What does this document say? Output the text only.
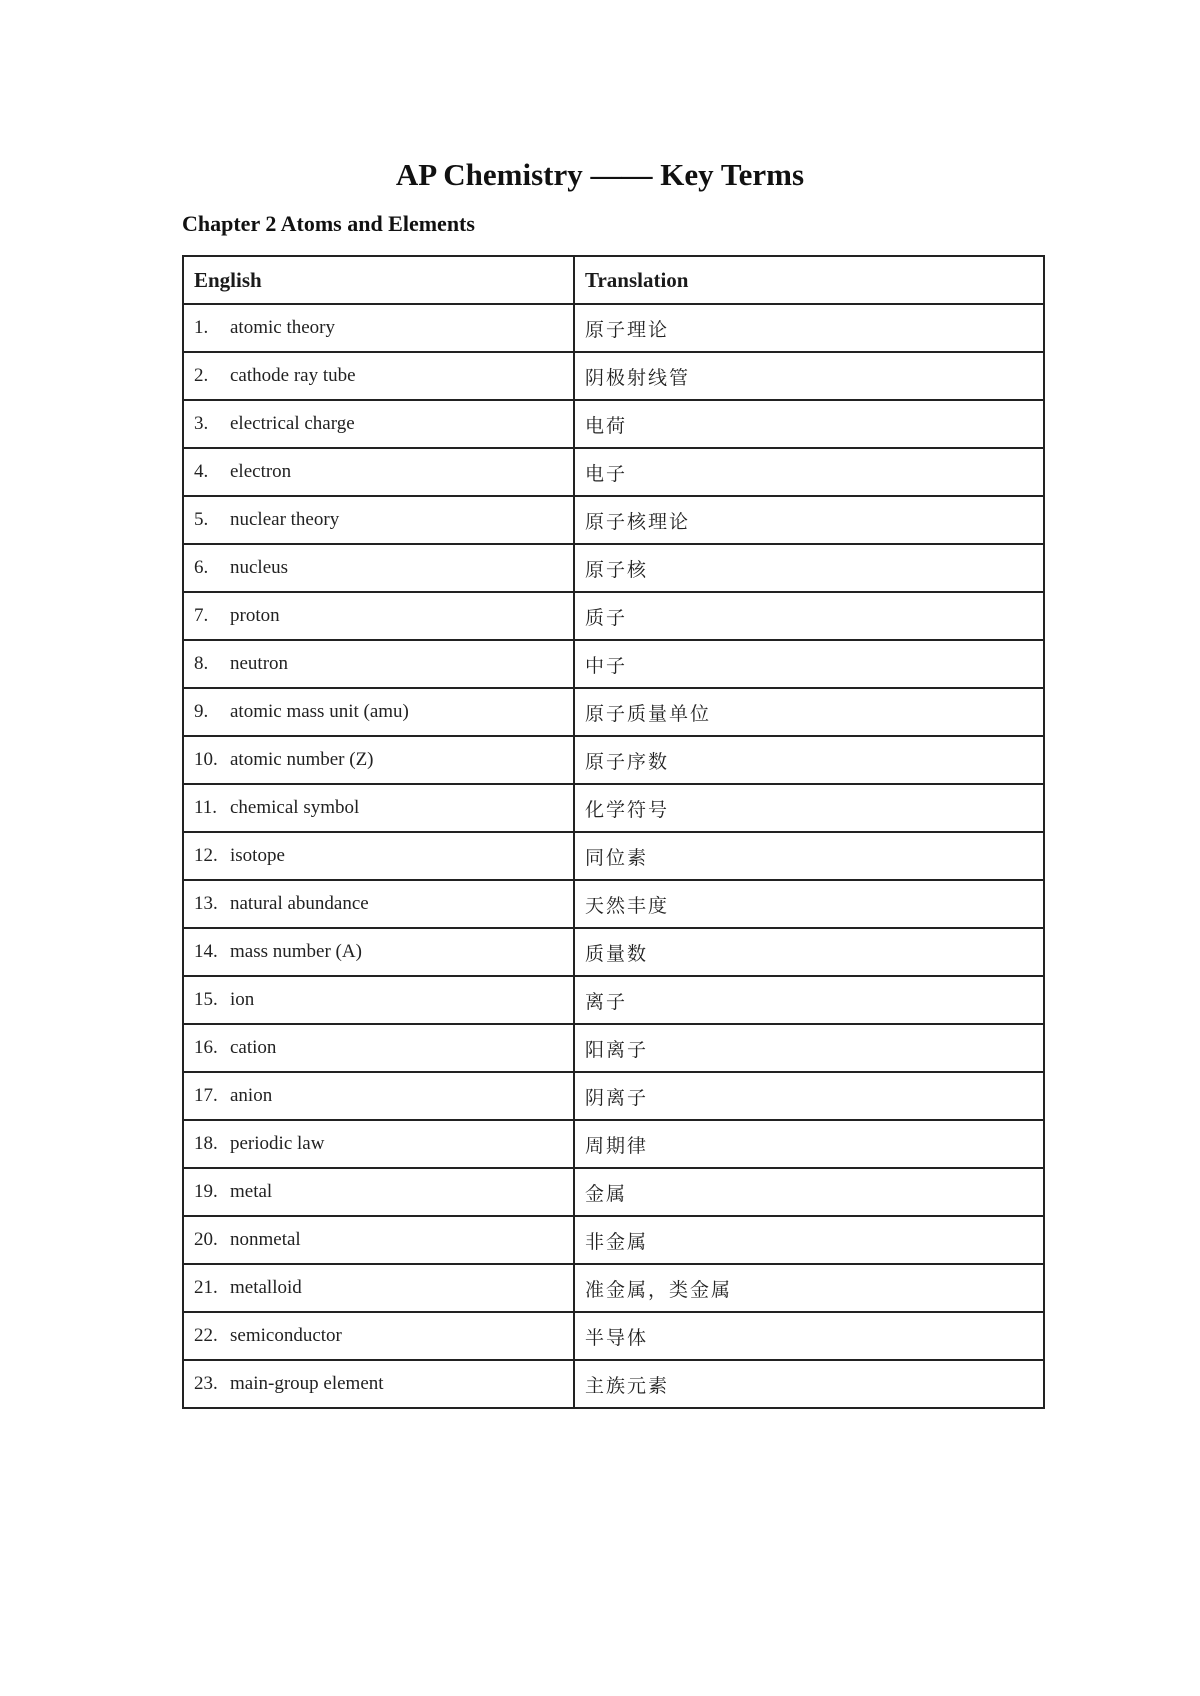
AP Chemistry —— Key Terms
Chapter 2 Atoms and Elements
English	Translation
1. atomic theory	原子理论
2. cathode ray tube	阴极射线管
3. electrical charge	电荷
4. electron	电子
5. nuclear theory	原子核理论
6. nucleus	原子核
7. proton	质子
8. neutron	中子
9. atomic mass unit (amu)	原子质量单位
10. atomic number (Z)	原子序数
11. chemical symbol	化学符号
12. isotope	同位素
13. natural abundance	天然丰度
14. mass number (A)	质量数
15. ion	离子
16. cation	阳离子
17. anion	阴离子
18. periodic law	周期律
19. metal	金属
20. nonmetal	非金属
21. metalloid	准金属，类金属
22. semiconductor	半导体
23. main-group element	主族元素
